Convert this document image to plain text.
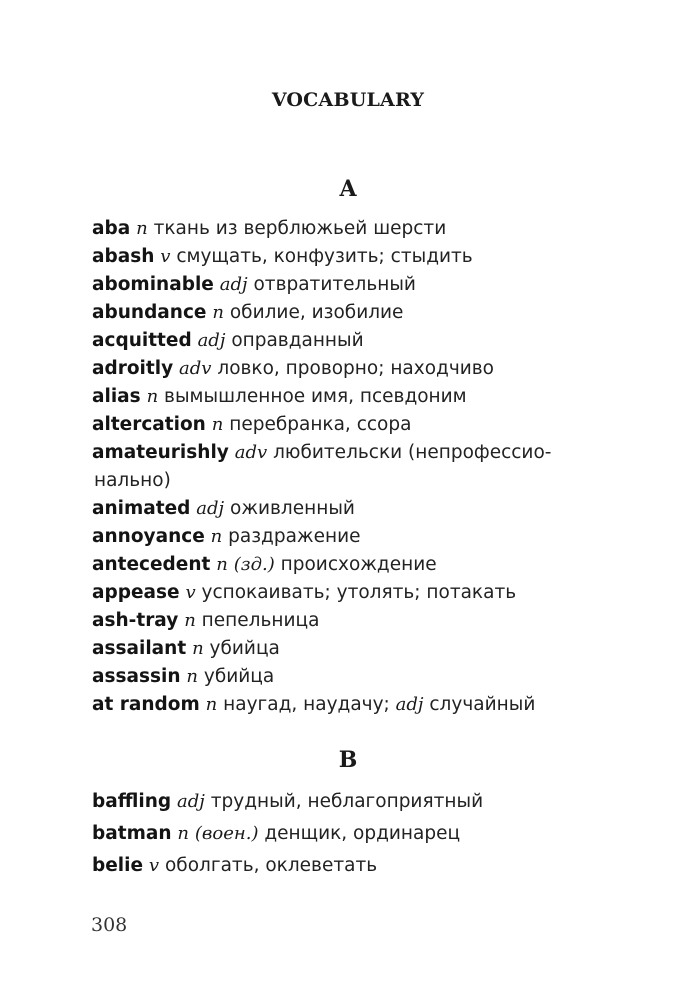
VOCABULARY
A
aba n ткань из верблюжьей шерсти
abash v смущать, конфузить; стыдить
abominable adj отвратительный
abundance n обилие, изобилие
acquitted adj оправданный
adroitly adv ловко, проворно; находчиво
alias n вымышленное имя, псевдоним
altercation n перебранка, ссора
amateurishly adv любительски (непрофессио-
нально)
animated adj оживленный
annoyance n раздражение
antecedent n (зд.) происхождение
appease v успокаивать; утолять; потакать
ash-tray n пепельница
assailant n убийца
assassin n убийца
at random n наугад, наудачу; adj случайный
B
baffling adj трудный, неблагоприятный
batman n (воен.) денщик, ординарец
belie v оболгать, оклеветать
308
